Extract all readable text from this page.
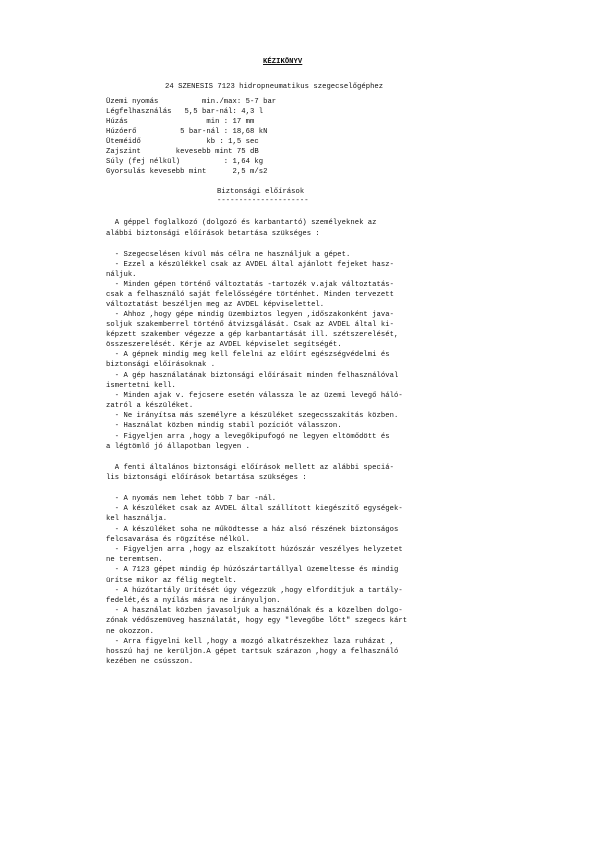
KÉZIKÖNYV
24 SZENESIS 7123 hidropneumatikus szegecselőgéphez
Üzemi nyomás          min./max: 5-7 bar
Légfelhasználás   5,5 bar-nál: 4,3 l
Húzás                  min : 17 mm
Húzóerő          5 bar-nál : 18,68 kN
Üteméidő               kb : 1,5 sec
Zajszint        kevesebb mint 75 dB
Súly (fej nélkül)          : 1,64 kg
Gyorsulás kevesebb mint      2,5 m/s2
Biztonsági előírások
---------------------
A géppel foglalkozó (dolgozó és karbantartó) személyeknek az
alábbi biztonsági előírások betartása szükséges :
- Szegecselésen kívül más célra ne használjuk a gépet.
- Ezzel a készülékkel csak az AVDEL által ajánlott fejeket hasz-
náljuk.
- Minden gépen történő változtatás -tartozék v.ajak változtatás-
csak a felhasználó saját felelősségére történhet. Minden tervezett
változtatást beszéljen meg az AVDEL képviselettel.
- Ahhoz ,hogy gépe mindig üzembiztos legyen ,időszakonként java-
soljuk szakemberrel történő átvizsgálását. Csak az AVDEL által ki-
képzett szakember végezze a gép karbantartását ill. szétszerelését,
összeszerelését. Kérje az AVDEL képviselet segítségét.
- A gépnek mindig meg kell felelni az előírt egészségvédelmi és
biztonsági előírásoknak .
- A gép használatának biztonsági előírásait minden felhasználóval
ismertetni kell.
- Minden ajak v. fejcsere esetén válassza le az üzemi levegő háló-
zatról a készüléket.
- Ne irányítsa más személyre a készüléket szegecsszakítás közben.
- Használat közben mindig stabil pozíciót válasszon.
- Figyeljen arra ,hogy a levegőkipufogó ne legyen eltömődött és
a légtömlő jó állapotban legyen .
A fenti általános biztonsági előírások mellett az alábbi speciá-
lis biztonsági előírások betartása szükséges :
- A nyomás nem lehet több 7 bar -nál.
- A készüléket csak az AVDEL által szállított kiegészítő egységek-
kel használja.
- A készüléket soha ne működtesse a ház alsó részének biztonságos
felcsavarása és rögzítése nélkül.
- Figyeljen arra ,hogy az elszakított húzószár veszélyes helyzetet
ne teremtsen.
- A 7123 gépet mindig ép húzószártartállyal üzemeltesse és mindig
ürítse mikor az félig megtelt.
- A húzótartály ürítését úgy végezzük ,hogy elfordítjuk a tartály-
fedelét,és a nyílás másra ne irányuljon.
- A használat közben javasoljuk a használónak és a közelben dolgo-
zónak védőszemüveg használatát, hogy egy "levegőbe lőtt" szegecs kárt
ne okozzon.
- Arra figyelni kell ,hogy a mozgó alkatrészekhez laza ruházat ,
hosszú haj ne kerüljön.A gépet tartsuk szárazon ,hogy a felhasználó
kezében ne csússzon.
